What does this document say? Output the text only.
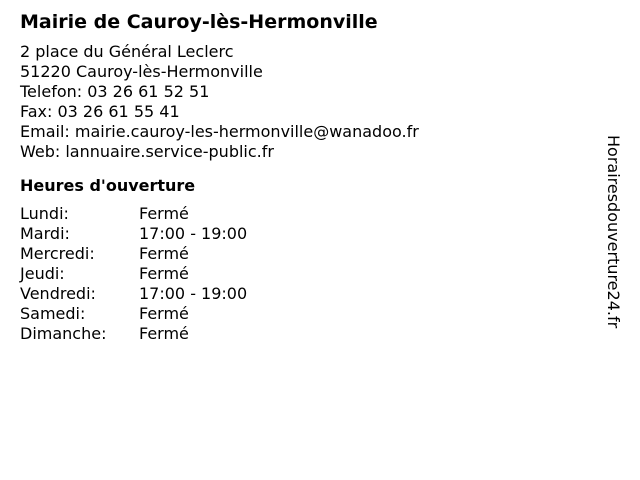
Mairie de Cauroy-lès-Hermonville
2 place du Général Leclerc
51220 Cauroy-lès-Hermonville
Telefon: 03 26 61 52 51
Fax: 03 26 61 55 41
Email: mairie.cauroy-les-hermonville@wanadoo.fr
Web: lannuaire.service-public.fr
Heures d'ouverture
Lundi:	Fermé
Mardi:	17:00 - 19:00
Mercredi:	Fermé
Jeudi:	Fermé
Vendredi:	17:00 - 19:00
Samedi:	Fermé
Dimanche: Fermé
Horairesdouverture24.fr
